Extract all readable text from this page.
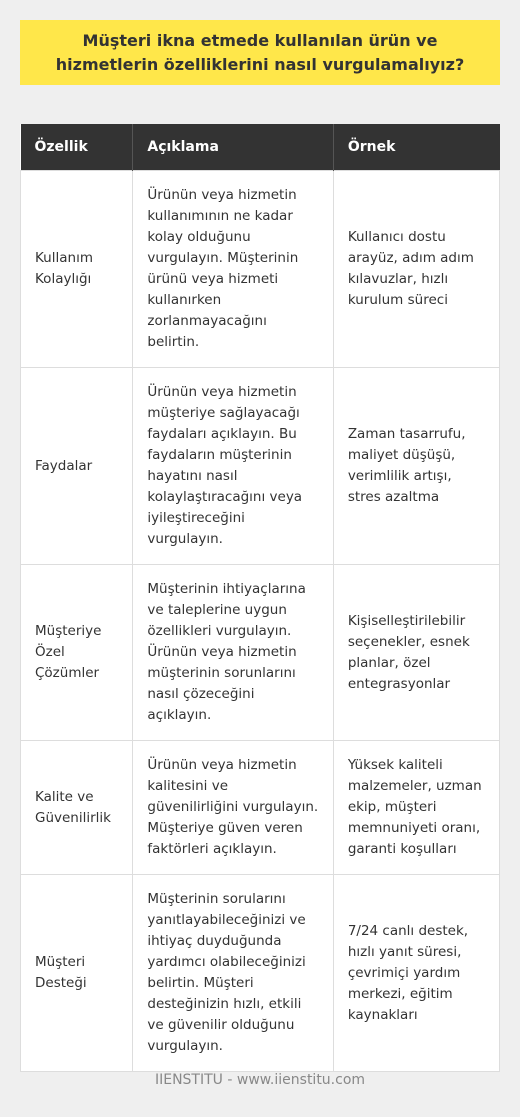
Müşteri ikna etmede kullanılan ürün ve hizmetlerin özelliklerini nasıl vurgulamalıyız?
Özellik	Açıklama	Örnek
Kullanım Kolaylığı	Ürünün veya hizmetin kullanımının ne kadar kolay olduğunu vurgulayın. Müşterinin ürünü veya hizmeti kullanırken zorlanmayacağını belirtin.	Kullanıcı dostu arayüz, adım adım kılavuzlar, hızlı kurulum süreci
Faydalar	Ürünün veya hizmetin müşteriye sağlayacağı faydaları açıklayın. Bu faydaların müşterinin hayatını nasıl kolaylaştıracağını veya iyileştireceğini vurgulayın.	Zaman tasarrufu, maliyet düşüşü, verimlilik artışı, stres azaltma
Müşteriye Özel Çözümler	Müşterinin ihtiyaçlarına ve taleplerine uygun özellikleri vurgulayın. Ürünün veya hizmetin müşterinin sorunlarını nasıl çözeceğini açıklayın.	Kişiselleştirilebilir seçenekler, esnek planlar, özel entegrasyonlar
Kalite ve Güvenilirlik	Ürünün veya hizmetin kalitesini ve güvenilirliğini vurgulayın. Müşteriye güven veren faktörleri açıklayın.	Yüksek kaliteli malzemeler, uzman ekip, müşteri memnuniyeti oranı, garanti koşulları
Müşteri Desteği	Müşterinin sorularını yanıtlayabileceğinizi ve ihtiyaç duyduğunda yardımcı olabileceğinizi belirtin. Müşteri desteğinizin hızlı, etkili ve güvenilir olduğunu vurgulayın.	7/24 canlı destek, hızlı yanıt süresi, çevrimiçi yardım merkezi, eğitim kaynakları
IIENSTITU - www.iienstitu.com
